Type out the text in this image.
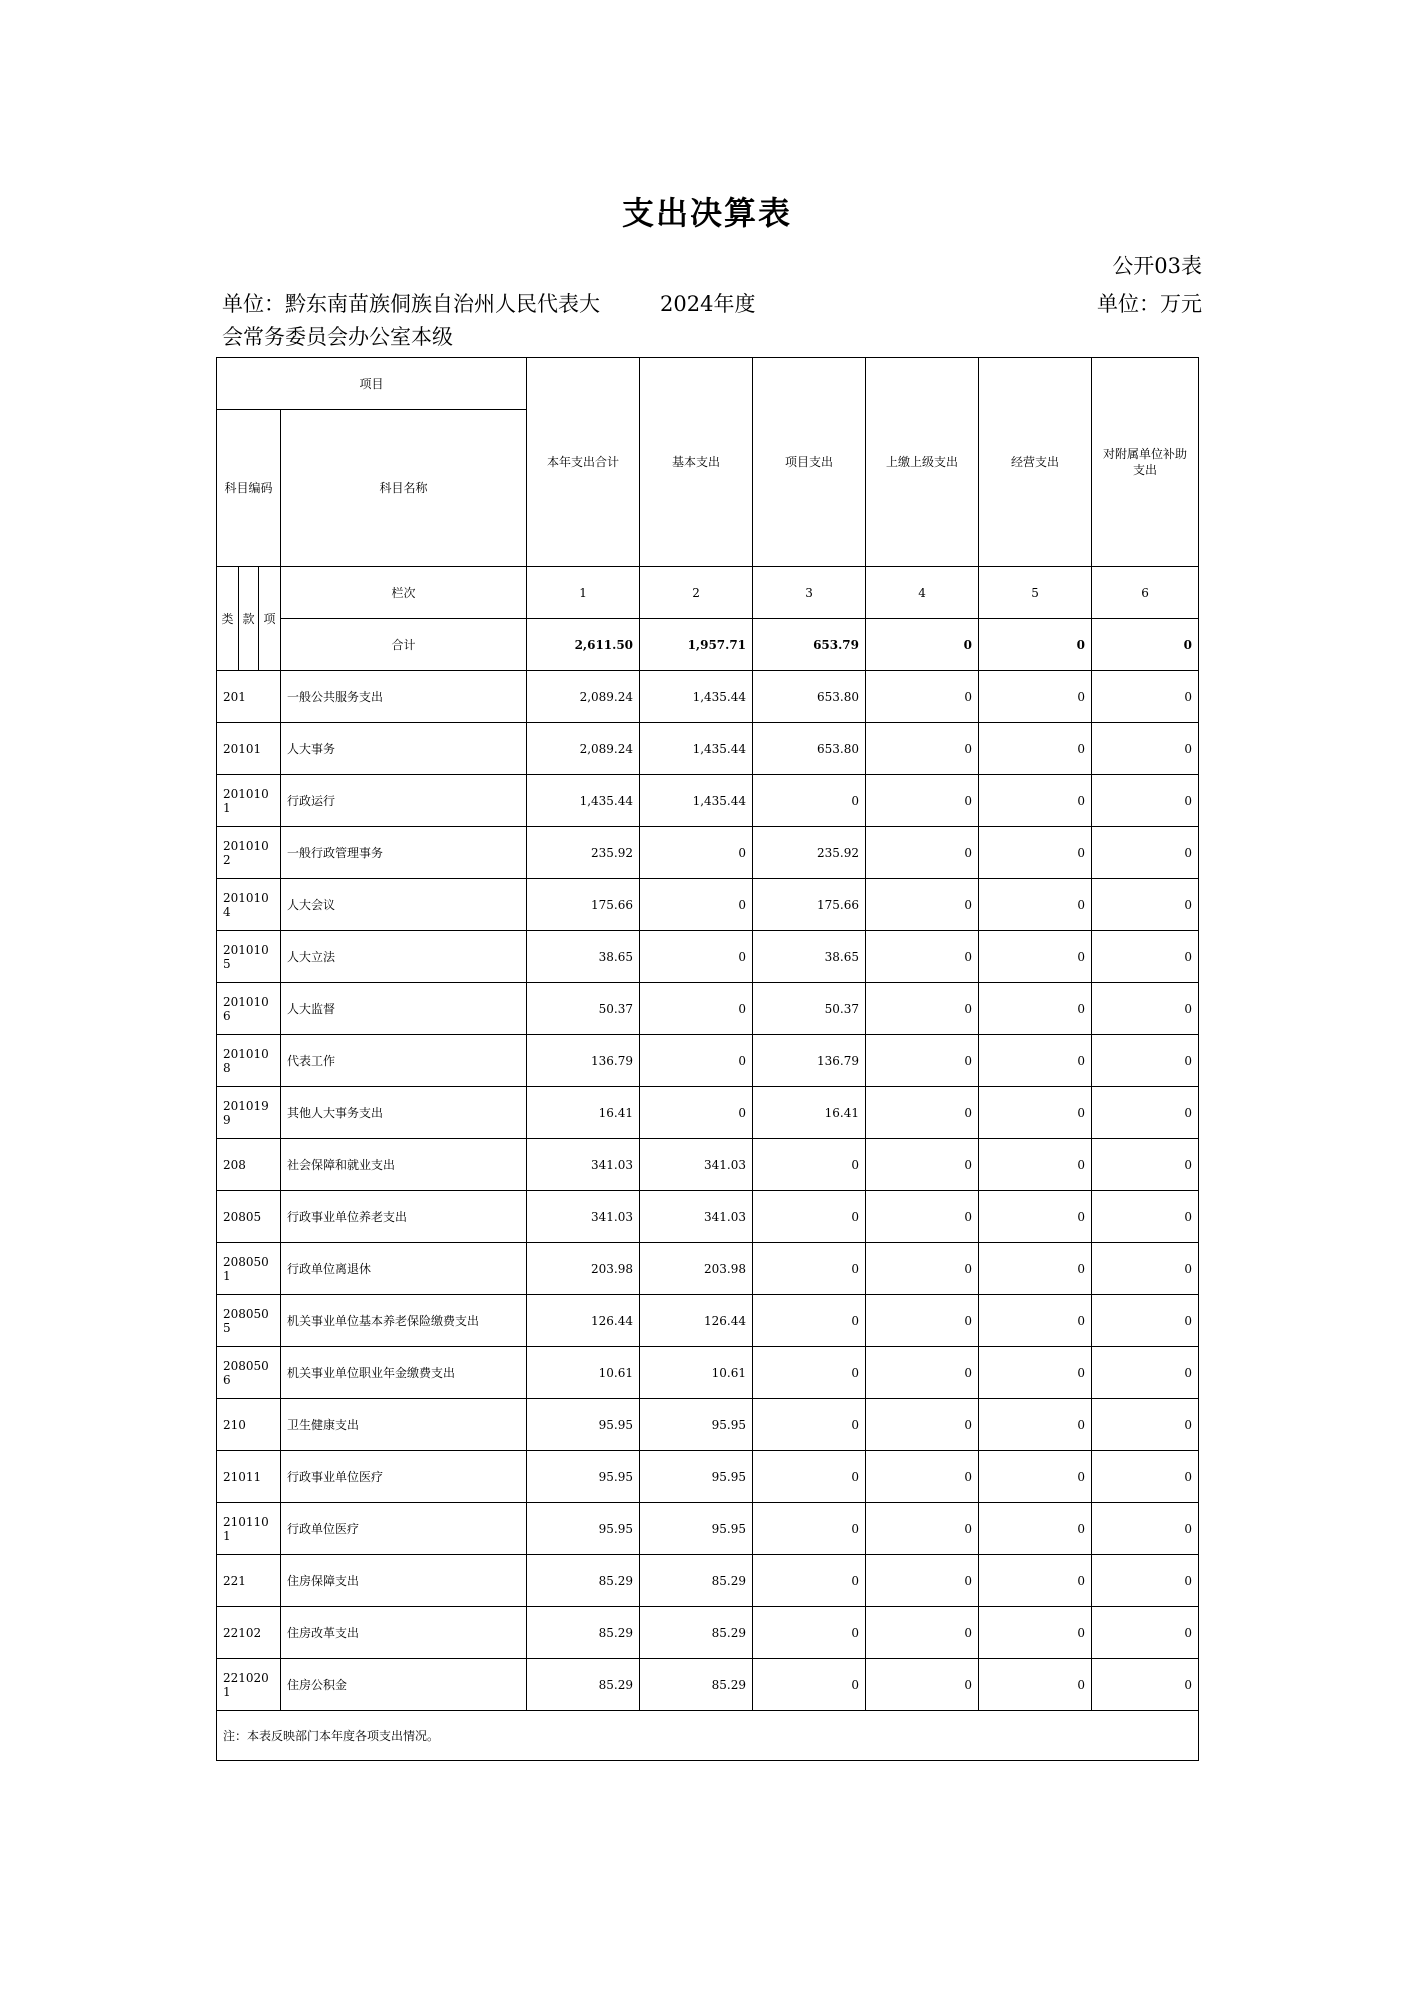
支出决算表
公开03表
单位：黔东南苗族侗族自治州人民代表大会常务委员会办公室本级
2024年度	单位：万元
项目				本年支出合计	基本支出	项目支出	上缴上级支出	经营支出	对附属单位补助支出
科目编码			科目名称						
类	款	项	栏次	1	2	3	4	5	6
			合计	2,611.50	1,957.71	653.79	0	0	0
201			一般公共服务支出	2,089.24	1,435.44	653.80	0	0	0
20101			人大事务	2,089.24	1,435.44	653.80	0	0	0
2010101			行政运行	1,435.44	1,435.44	0	0	0	0
2010102			一般行政管理事务	235.92	0	235.92	0	0	0
2010104			人大会议	175.66	0	175.66	0	0	0
2010105			人大立法	38.65	0	38.65	0	0	0
2010106			人大监督	50.37	0	50.37	0	0	0
2010108			代表工作	136.79	0	136.79	0	0	0
2010199			其他人大事务支出	16.41	0	16.41	0	0	0
208			社会保障和就业支出	341.03	341.03	0	0	0	0
20805			行政事业单位养老支出	341.03	341.03	0	0	0	0
2080501			行政单位离退休	203.98	203.98	0	0	0	0
2080505			机关事业单位基本养老保险缴费支出	126.44	126.44	0	0	0	0
2080506			机关事业单位职业年金缴费支出	10.61	10.61	0	0	0	0
210			卫生健康支出	95.95	95.95	0	0	0	0
21011			行政事业单位医疗	95.95	95.95	0	0	0	0
2101101			行政单位医疗	95.95	95.95	0	0	0	0
221			住房保障支出	85.29	85.29	0	0	0	0
22102			住房改革支出	85.29	85.29	0	0	0	0
2210201			住房公积金	85.29	85.29	0	0	0	0
注：本表反映部门本年度各项支出情况。									
